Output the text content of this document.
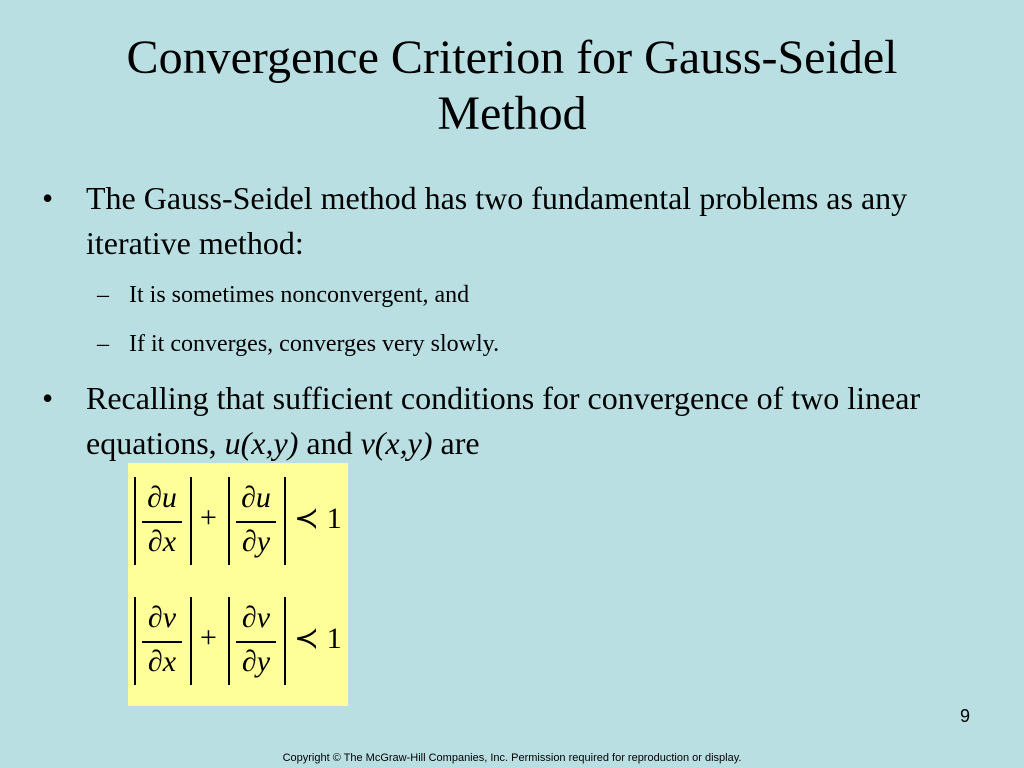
Convergence Criterion for Gauss-Seidel Method
•	The Gauss-Seidel method has two fundamental problems as any iterative method:
– It is sometimes nonconvergent, and
– If it converges, converges very slowly.
•	Recalling that sufficient conditions for convergence of two linear equations, u(x,y) and v(x,y) are
∂u
∂x
+
∂u
∂y
≺ 1
∂v
∂x
+
∂v
∂y
≺ 1
9
Copyright © The McGraw-Hill Companies, Inc. Permission required for reproduction or display.
